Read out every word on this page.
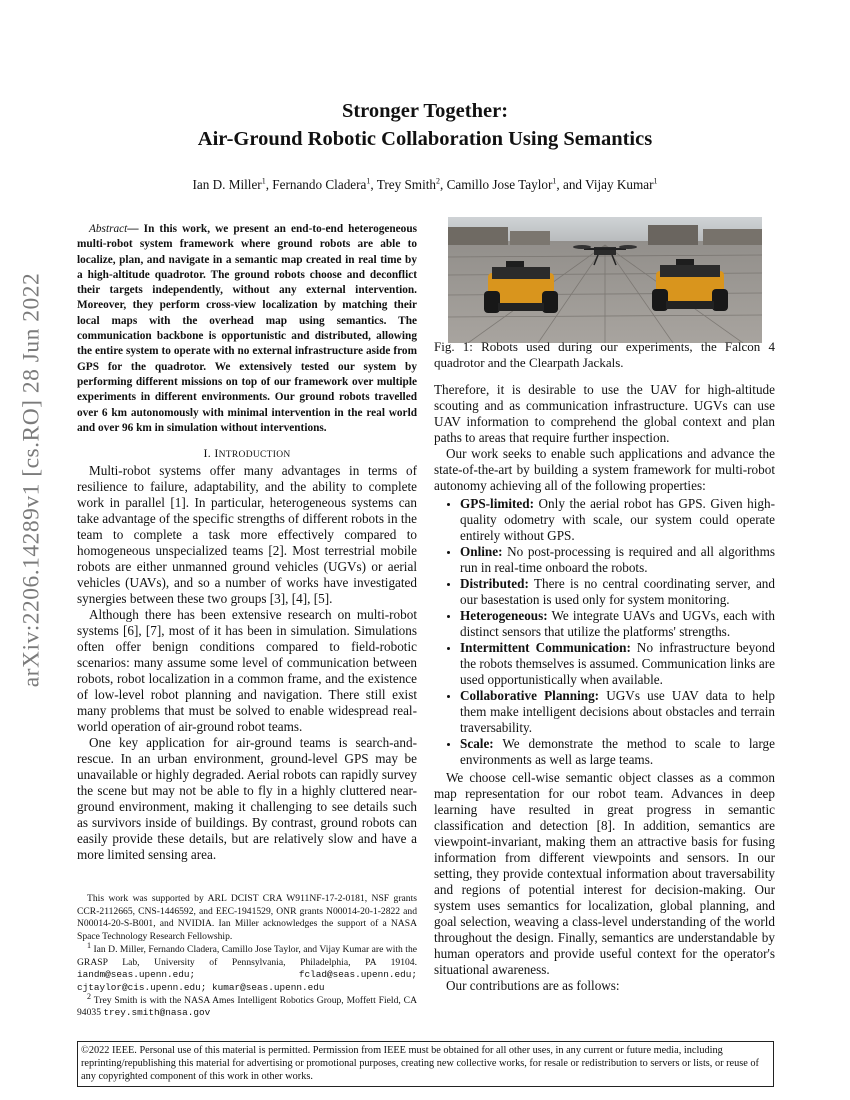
arXiv:2206.14289v1 [cs.RO] 28 Jun 2022
Stronger Together:
Air-Ground Robotic Collaboration Using Semantics
Ian D. Miller$^1$, Fernando Cladera$^1$, Trey Smith$^2$, Camillo Jose Taylor$^1$, and Vijay Kumar$^1$
Abstract— In this work, we present an end-to-end heterogeneous multi-robot system framework where ground robots are able to localize, plan, and navigate in a semantic map created in real time by a high-altitude quadrotor. The ground robots choose and deconflict their targets independently, without any external intervention. Moreover, they perform cross-view localization by matching their local maps with the overhead map using semantics. The communication backbone is opportunistic and distributed, allowing the entire system to operate with no external infrastructure aside from GPS for the quadrotor. We extensively tested our system by performing different missions on top of our framework over multiple experiments in different environments. Our ground robots travelled over 6 km autonomously with minimal intervention in the real world and over 96 km in simulation without interventions.
I. INTRODUCTION

Multi-robot systems offer many advantages in terms of resilience to failure, adaptability, and the ability to complete work in parallel [1]. In particular, heterogeneous systems can take advantage of the specific strengths of different robots in the team to complete a task more effectively compared to homogeneous unspecialized teams [2]. Most terrestrial mobile robots are either unmanned ground vehicles (UGVs) or aerial vehicles (UAVs), and so a number of works have investigated synergies between these two groups [3], [4], [5].

Although there has been extensive research on multi-robot systems [6], [7], most of it has been in simulation. Simulations often offer benign conditions compared to field-robotic scenarios: many assume some level of communication between robots, robot localization in a common frame, and the existence of low-level robot planning and navigation. There still exist many problems that must be solved to enable widespread real-world operation of air-ground robot teams.

One key application for air-ground teams is search-and-rescue. In an urban environment, ground-level GPS may be unavailable or highly degraded. Aerial robots can rapidly survey the scene but may not be able to fly in a highly cluttered near-ground environment, making it challenging to see details such as survivors inside of buildings. By contrast, ground robots can easily provide these details, but are relatively slow and have a more limited sensing area.

This work was supported by ARL DCIST CRA W911NF-17-2-0181, NSF grants CCR-2112665, CNS-1446592, and EEC-1941529, ONR grants N00014-20-1-2822 and N00014-20-S-B001, and NVIDIA. Ian Miller acknowledges the support of a NASA Space Technology Research Fellowship.

$^1$ Ian D. Miller, Fernando Cladera, Camillo Jose Taylor, and Vijay Kumar are with the GRASP Lab, University of Pennsylvania, Philadelphia, PA 19104. iandm@seas.upenn.edu; fclad@seas.upenn.edu; cjtaylor@cis.upenn.edu; kumar@seas.upenn.edu

$^2$ Trey Smith is with the NASA Ames Intelligent Robotics Group, Moffett Field, CA 94035 trey.smith@nasa.gov

Fig. 1: Robots used during our experiments, the Falcon 4 quadrotor and the Clearpath Jackals.

Therefore, it is desirable to use the UAV for high-altitude scouting and as communication infrastructure. UGVs can use UAV information to comprehend the global context and plan paths to areas that require further inspection.

Our work seeks to enable such applications and advance the state-of-the-art by building a system framework for multi-robot autonomy achieving all of the following properties:

• GPS-limited: Only the aerial robot has GPS. Given high-quality odometry with scale, our system could operate entirely without GPS.
• Online: No post-processing is required and all algorithms run in real-time onboard the robots.
• Distributed: There is no central coordinating server, and our basestation is used only for system monitoring.
• Heterogeneous: We integrate UAVs and UGVs, each with distinct sensors that utilize the platforms' strengths.
• Intermittent Communication: No infrastructure beyond the robots themselves is assumed. Communication links are used opportunistically when available.
• Collaborative Planning: UGVs use UAV data to help them make intelligent decisions about obstacles and terrain traversability.
• Scale: We demonstrate the method to scale to large environments as well as large teams.

We choose cell-wise semantic object classes as a common map representation for our robot team. Advances in deep learning have resulted in great progress in semantic classification and detection [8]. In addition, semantics are viewpoint-invariant, making them an attractive basis for fusing information from different viewpoints and sensors. In our setting, they provide contextual information about traversability and regions of potential interest for decision-making. Our system uses semantics for localization, global planning, and goal selection, weaving a class-level understanding of the world throughout the design. Finally, semantics are understandable by human operators and provide useful context for the operator's situational awareness.

Our contributions are as follows:

©2022 IEEE. Personal use of this material is permitted. Permission from IEEE must be obtained for all other uses, in any current or future media, including reprinting/republishing this material for advertising or promotional purposes, creating new collective works, for resale or redistribution to servers or lists, or reuse of any copyrighted component of this work in other works.
